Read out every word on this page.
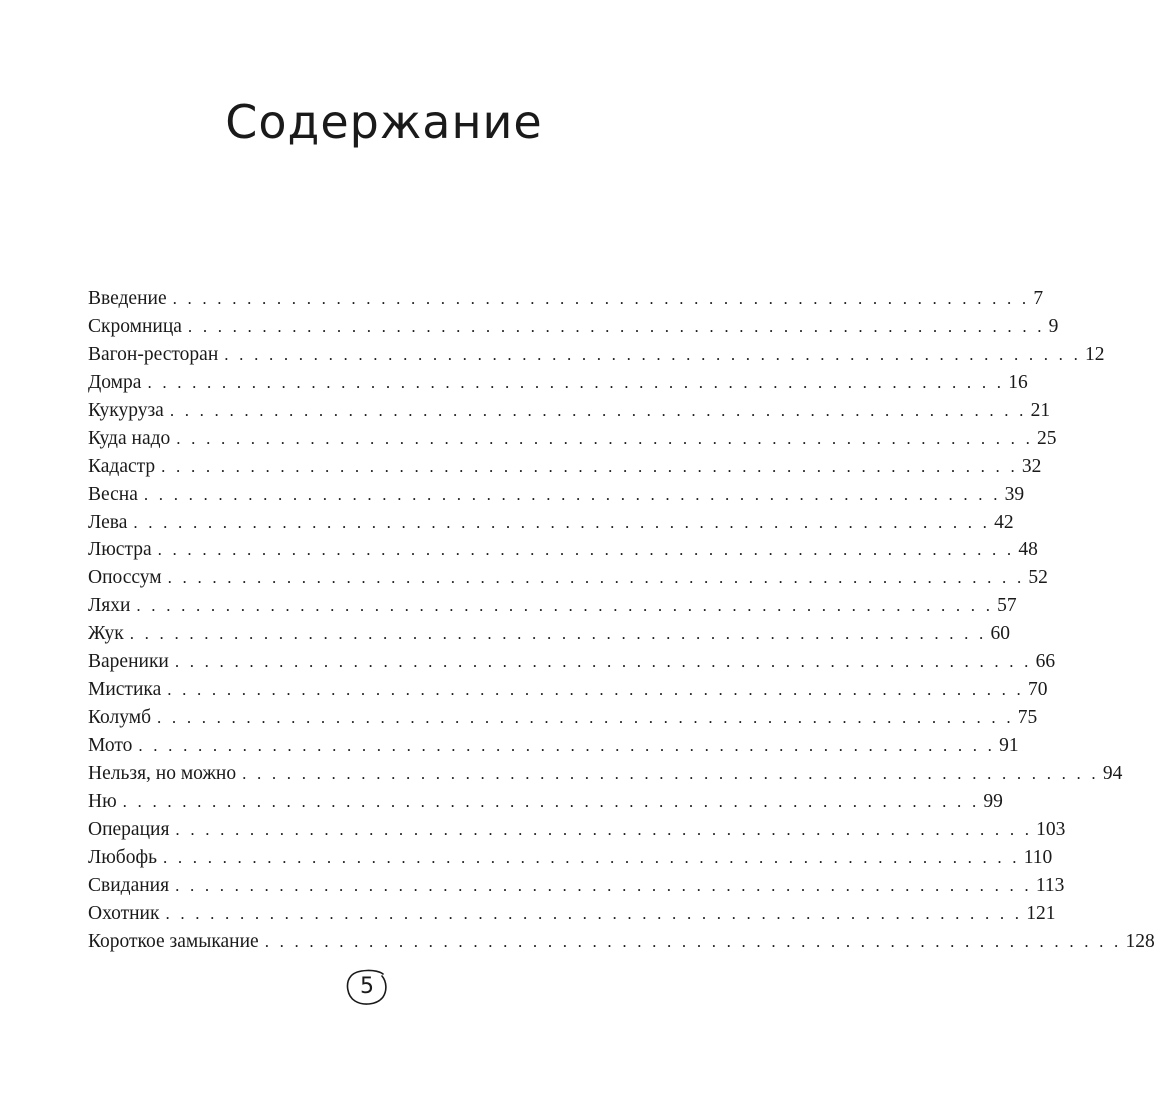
Содержание
Введение . . . . . . . . . . . . . . . . . . . . . . . . . . . . . . . . . . . . . . . . . . . . . . . . . . . . . . . . . . 7
Скромница . . . . . . . . . . . . . . . . . . . . . . . . . . . . . . . . . . . . . . . . . . . . . . . . . . . . . . . . . . 9
Вагон-ресторан . . . . . . . . . . . . . . . . . . . . . . . . . . . . . . . . . . . . . . . . . . . . . . . . . . . . . . . . . . 12
Домра . . . . . . . . . . . . . . . . . . . . . . . . . . . . . . . . . . . . . . . . . . . . . . . . . . . . . . . . . . 16
Кукуруза . . . . . . . . . . . . . . . . . . . . . . . . . . . . . . . . . . . . . . . . . . . . . . . . . . . . . . . . . . 21
Куда надо . . . . . . . . . . . . . . . . . . . . . . . . . . . . . . . . . . . . . . . . . . . . . . . . . . . . . . . . . . 25
Кадастр . . . . . . . . . . . . . . . . . . . . . . . . . . . . . . . . . . . . . . . . . . . . . . . . . . . . . . . . . . 32
Весна . . . . . . . . . . . . . . . . . . . . . . . . . . . . . . . . . . . . . . . . . . . . . . . . . . . . . . . . . . 39
Лева . . . . . . . . . . . . . . . . . . . . . . . . . . . . . . . . . . . . . . . . . . . . . . . . . . . . . . . . . . 42
Люстра . . . . . . . . . . . . . . . . . . . . . . . . . . . . . . . . . . . . . . . . . . . . . . . . . . . . . . . . . . 48
Опоссум . . . . . . . . . . . . . . . . . . . . . . . . . . . . . . . . . . . . . . . . . . . . . . . . . . . . . . . . . . 52
Ляхи . . . . . . . . . . . . . . . . . . . . . . . . . . . . . . . . . . . . . . . . . . . . . . . . . . . . . . . . . . 57
Жук . . . . . . . . . . . . . . . . . . . . . . . . . . . . . . . . . . . . . . . . . . . . . . . . . . . . . . . . . . 60
Вареники . . . . . . . . . . . . . . . . . . . . . . . . . . . . . . . . . . . . . . . . . . . . . . . . . . . . . . . . . . 66
Мистика . . . . . . . . . . . . . . . . . . . . . . . . . . . . . . . . . . . . . . . . . . . . . . . . . . . . . . . . . . 70
Колумб . . . . . . . . . . . . . . . . . . . . . . . . . . . . . . . . . . . . . . . . . . . . . . . . . . . . . . . . . . 75
Мото . . . . . . . . . . . . . . . . . . . . . . . . . . . . . . . . . . . . . . . . . . . . . . . . . . . . . . . . . . 91
Нельзя, но можно . . . . . . . . . . . . . . . . . . . . . . . . . . . . . . . . . . . . . . . . . . . . . . . . . . . . . . . . . . 94
Ню . . . . . . . . . . . . . . . . . . . . . . . . . . . . . . . . . . . . . . . . . . . . . . . . . . . . . . . . . . 99
Операция . . . . . . . . . . . . . . . . . . . . . . . . . . . . . . . . . . . . . . . . . . . . . . . . . . . . . . . . . . 103
Любофь . . . . . . . . . . . . . . . . . . . . . . . . . . . . . . . . . . . . . . . . . . . . . . . . . . . . . . . . . . 110
Свидания . . . . . . . . . . . . . . . . . . . . . . . . . . . . . . . . . . . . . . . . . . . . . . . . . . . . . . . . . . 113
Охотник . . . . . . . . . . . . . . . . . . . . . . . . . . . . . . . . . . . . . . . . . . . . . . . . . . . . . . . . . . 121
Короткое замыкание . . . . . . . . . . . . . . . . . . . . . . . . . . . . . . . . . . . . . . . . . . . . . . . . . . . . . . . . . . 128
5
